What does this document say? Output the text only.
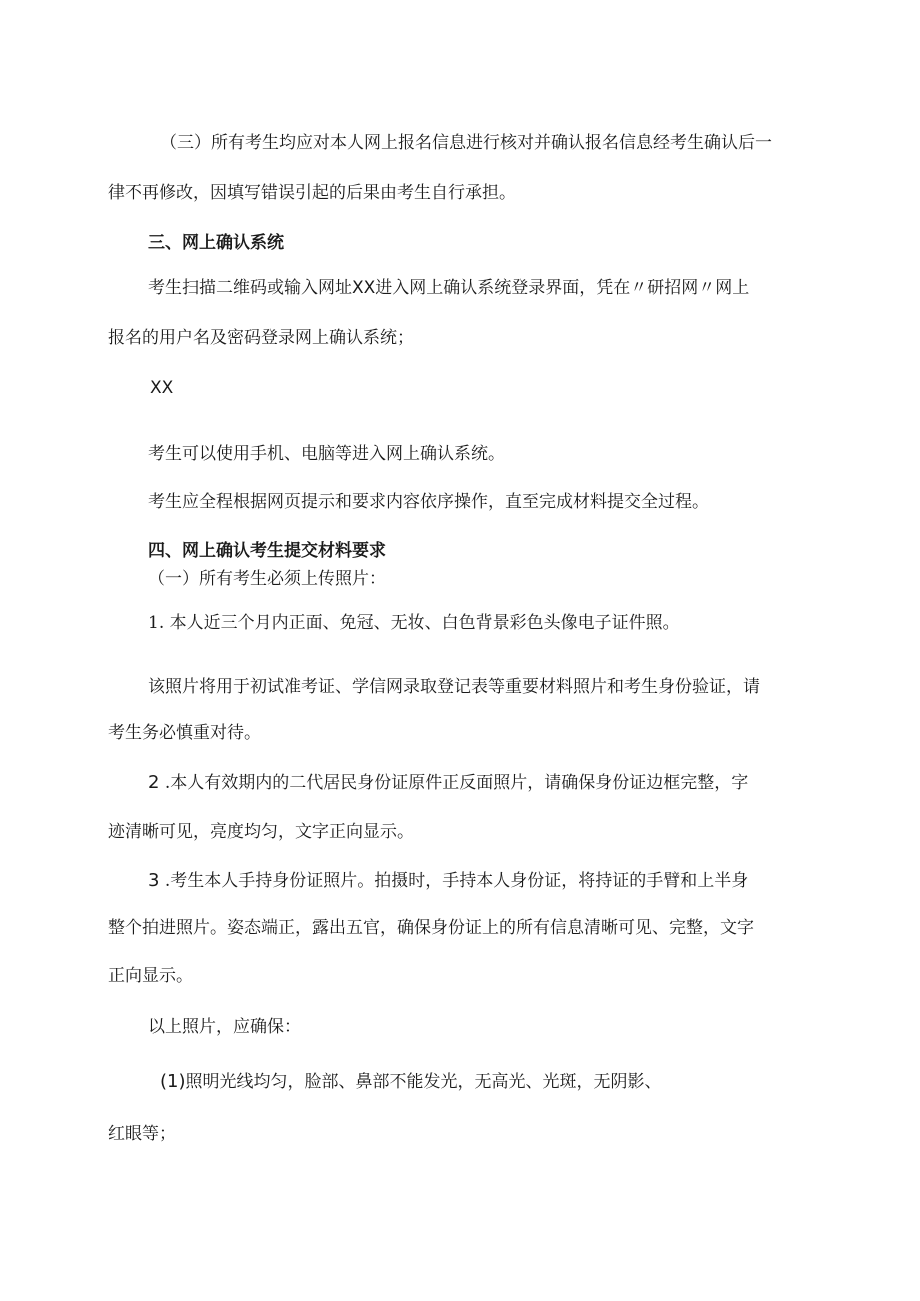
（三）所有考生均应对本人网上报名信息进行核对并确认报名信息经考生确认后一

律不再修改，因填写错误引起的后果由考生自行承担。

三、网上确认系统

考生扫描二维码或输入网址XX进入网上确认系统登录界面，凭在〃研招网〃网上

报名的用户名及密码登录网上确认系统；

XX

考生可以使用手机、电脑等进入网上确认系统。

考生应全程根据网页提示和要求内容依序操作，直至完成材料提交全过程。

四、网上确认考生提交材料要求

（一）所有考生必须上传照片：

1. 本人近三个月内正面、免冠、无妆、白色背景彩色头像电子证件照。

该照片将用于初试准考证、学信网录取登记表等重要材料照片和考生身份验证，请

考生务必慎重对待。

2 .本人有效期内的二代居民身份证原件正反面照片，请确保身份证边框完整，字

迹清晰可见，亮度均匀，文字正向显示。

3 .考生本人手持身份证照片。拍摄时，手持本人身份证，将持证的手臂和上半身

整个拍进照片。姿态端正，露出五官，确保身份证上的所有信息清晰可见、完整，文字

正向显示。

以上照片，应确保：

(1)照明光线均匀，脸部、鼻部不能发光，无高光、光斑，无阴影、

红眼等；
